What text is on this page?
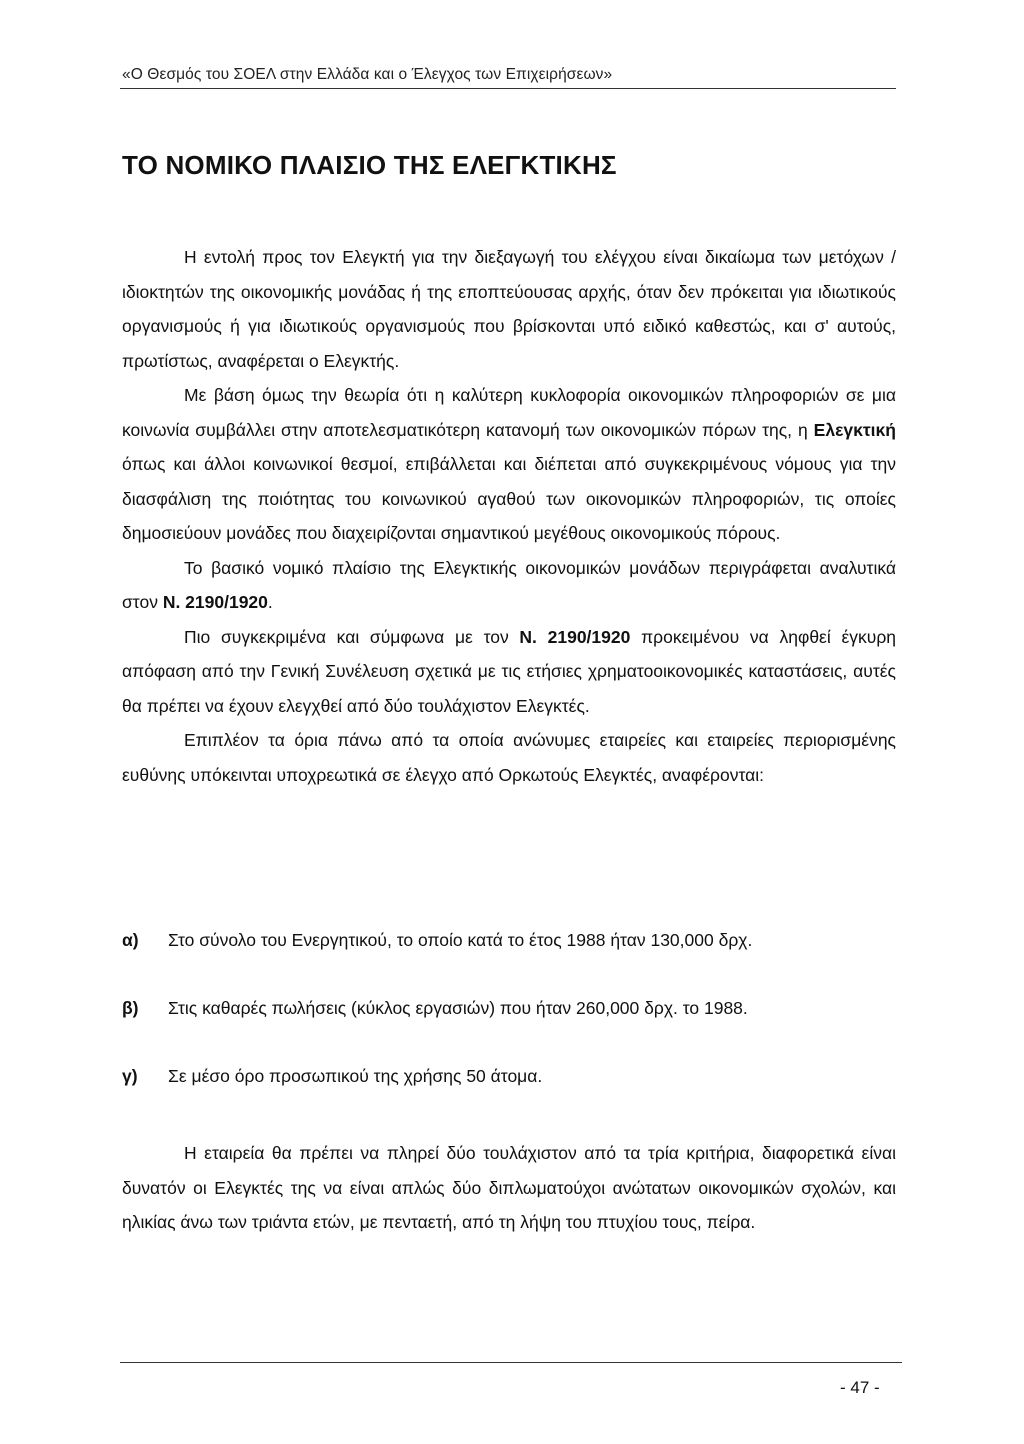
«Ο Θεσμός του ΣΟΕΛ στην Ελλάδα και ο Έλεγχος των Επιχειρήσεων»
ΤΟ ΝΟΜΙΚΟ ΠΛΑΙΣΙΟ ΤΗΣ ΕΛΕΓΚΤΙΚΗΣ

Η εντολή προς τον Ελεγκτή για την διεξαγωγή του ελέγχου είναι δικαίωμα των μετόχων / ιδιοκτητών της οικονομικής μονάδας ή της εποπτεύουσας αρχής, όταν δεν πρόκειται για ιδιωτικούς οργανισμούς ή για ιδιωτικούς οργανισμούς που βρίσκονται υπό ειδικό καθεστώς, και σ' αυτούς, πρωτίστως, αναφέρεται ο Ελεγκτής.

Με βάση όμως την θεωρία ότι η καλύτερη κυκλοφορία οικονομικών πληροφοριών σε μια κοινωνία συμβάλλει στην αποτελεσματικότερη κατανομή των οικονομικών πόρων της, η Ελεγκτική όπως και άλλοι κοινωνικοί θεσμοί, επιβάλλεται και διέπεται από συγκεκριμένους νόμους για την διασφάλιση της ποιότητας του κοινωνικού αγαθού των οικονομικών πληροφοριών, τις οποίες δημοσιεύουν μονάδες που διαχειρίζονται σημαντικού μεγέθους οικονομικούς πόρους.

Το βασικό νομικό πλαίσιο της Ελεγκτικής οικονομικών μονάδων περιγράφεται αναλυτικά στον Ν. 2190/1920.

Πιο συγκεκριμένα και σύμφωνα με τον Ν. 2190/1920 προκειμένου να ληφθεί έγκυρη απόφαση από την Γενική Συνέλευση σχετικά με τις ετήσιες χρηματοοικονομικές καταστάσεις, αυτές θα πρέπει να έχουν ελεγχθεί από δύο τουλάχιστον Ελεγκτές.

Επιπλέον τα όρια πάνω από τα οποία ανώνυμες εταιρείες και εταιρείες περιορισμένης ευθύνης υπόκεινται υποχρεωτικά σε έλεγχο από Ορκωτούς Ελεγκτές, αναφέρονται:

α) Στο σύνολο του Ενεργητικού, το οποίο κατά το έτος 1988 ήταν 130,000 δρχ.
β) Στις καθαρές πωλήσεις (κύκλος εργασιών) που ήταν 260,000 δρχ. το 1988.
γ) Σε μέσο όρο προσωπικού της χρήσης 50 άτομα.

Η εταιρεία θα πρέπει να πληρεί δύο τουλάχιστον από τα τρία κριτήρια, διαφορετικά είναι δυνατόν οι Ελεγκτές της να είναι απλώς δύο διπλωματούχοι ανώτατων οικονομικών σχολών, και ηλικίας άνω των τριάντα ετών, με πενταετή, από τη λήψη του πτυχίου τους, πείρα.

- 47 -
